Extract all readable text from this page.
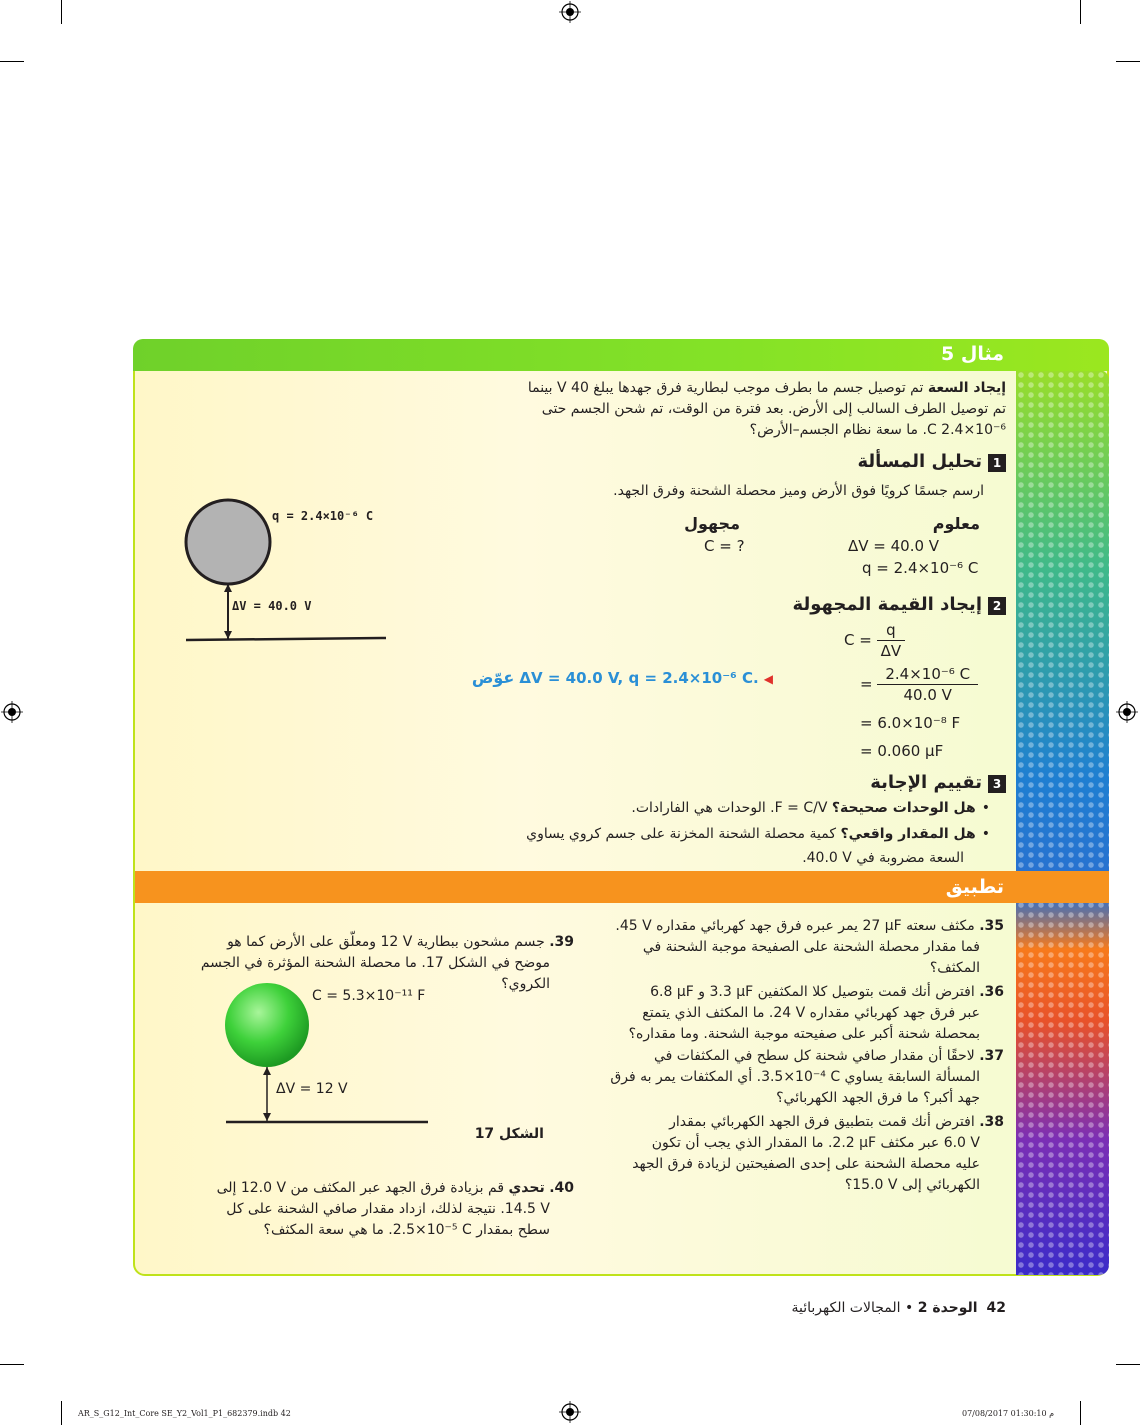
مثال 5
إيجاد السعة تم توصيل جسم ما بطرف موجب لبطارية فرق جهدها يبلغ 40 V بينما
تم توصيل الطرف السالب إلى الأرض. بعد فترة من الوقت، تم شحن الجسم حتى
C ‎2.4×10⁻⁶. ما سعة نظام الجسم–الأرض؟
1تحليل المسألة
ارسم جسمًا كرويًا فوق الأرض وميز محصلة الشحنة وفرق الجهد.
معلوم
مجهول
C = ?	ΔV = 40.0 V
q = 2.4×10⁻⁶ C
q = 2.4×10⁻⁶ C
ΔV = 40.0 V	2إيجاد القيمة المجهولة
$C = \frac{q}{\Delta V}$
= $\frac{\text{2.4×10⁻⁶ C}}{40.0 V}$
= 6.0×10⁻⁸ F
= 0.060 μF
◀ ΔV = 40.0 V, q = 2.4×10⁻⁶ C. عوّض
3تقييم الإجابة
•هل الوحدات صحيحة؟ F = C/V. الوحدات هي الفارادات.
•هل المقدار واقعي؟ كمية محصلة الشحنة المخزنة على جسم كروي يساوي
السعة مضروبة في ‎40.0 V.
تطبيق
35. مكثف سعته ‎27 μF يمر عبره فرق جهد كهربائي مقداره ‎45 V.
فما مقدار محصلة الشحنة على الصفيحة موجبة الشحنة في
المكثف؟
36. افترض أنك قمت بتوصيل كلا المكثفين ‎3.3 μF و ‎6.8 μF
عبر فرق جهد كهربائي مقداره ‎24 V. ما المكثف الذي يتمتع
بمحصلة شحنة أكبر على صفيحته موجبة الشحنة. وما مقداره؟
37. لاحقًا أن مقدار صافي شحنة كل سطح في المكثفات في
المسألة السابقة يساوي ‎3.5×10⁻⁴ C. أي المكثفات يمر به فرق
جهد أكبر؟ ما فرق الجهد الكهربائي؟
38. افترض أنك قمت بتطبيق فرق الجهد الكهربائي بمقدار
‎6.0 V عبر مكثف ‎2.2 μF. ما المقدار الذي يجب أن تكون
عليه محصلة الشحنة على إحدى الصفيحتين لزيادة فرق الجهد
الكهربائي إلى ‎15.0 V؟
39. جسم مشحون ببطارية ‎12 V ومعلّق على الأرض كما هو
موضح في الشكل 17. ما محصلة الشحنة المؤثرة في الجسم
الكروي؟
C = 5.3×10⁻¹¹ F
ΔV = 12 V
الشكل 17
40. تحدي قم بزيادة فرق الجهد عبر المكثف من ‎12.0 V إلى
‎14.5 V. نتيجة لذلك، ازداد مقدار صافي الشحنة على كل
سطح بمقدار ‎2.5×10⁻⁵ C. ما هي سعة المكثف؟
42  الوحدة 2 • المجالات الكهربائية
AR_S_G12_Int_Core SE_Y2_Vol1_P1_682379.indb 42	07/08/2017 01:30:10 م
